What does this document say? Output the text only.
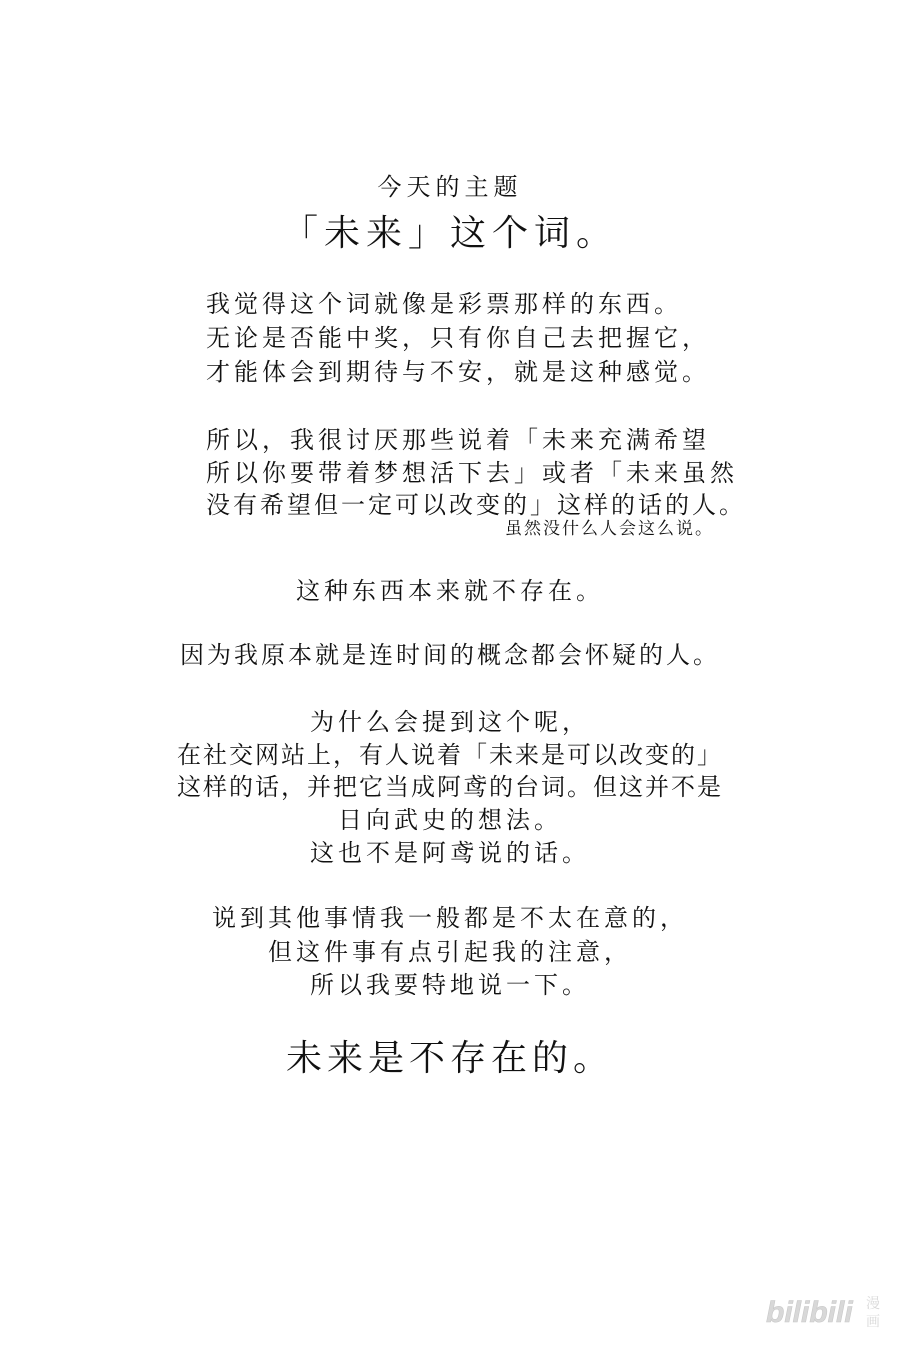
今天的主题
「未来」这个词。
我觉得这个词就像是彩票那样的东西。
无论是否能中奖，只有你自己去把握它，
才能体会到期待与不安，就是这种感觉。
所以，我很讨厌那些说着「未来充满希望
所以你要带着梦想活下去」或者「未来虽然
没有希望但一定可以改变的」这样的话的人。
虽然没什么人会这么说。
这种东西本来就不存在。
因为我原本就是连时间的概念都会怀疑的人。
为什么会提到这个呢，
在社交网站上，有人说着「未来是可以改变的」
这样的话，并把它当成阿鸢的台词。但这并不是
日向武史的想法。
这也不是阿鸢说的话。
说到其他事情我一般都是不太在意的，
但这件事有点引起我的注意，
所以我要特地说一下。
未来是不存在的。
bilibili 漫
画
